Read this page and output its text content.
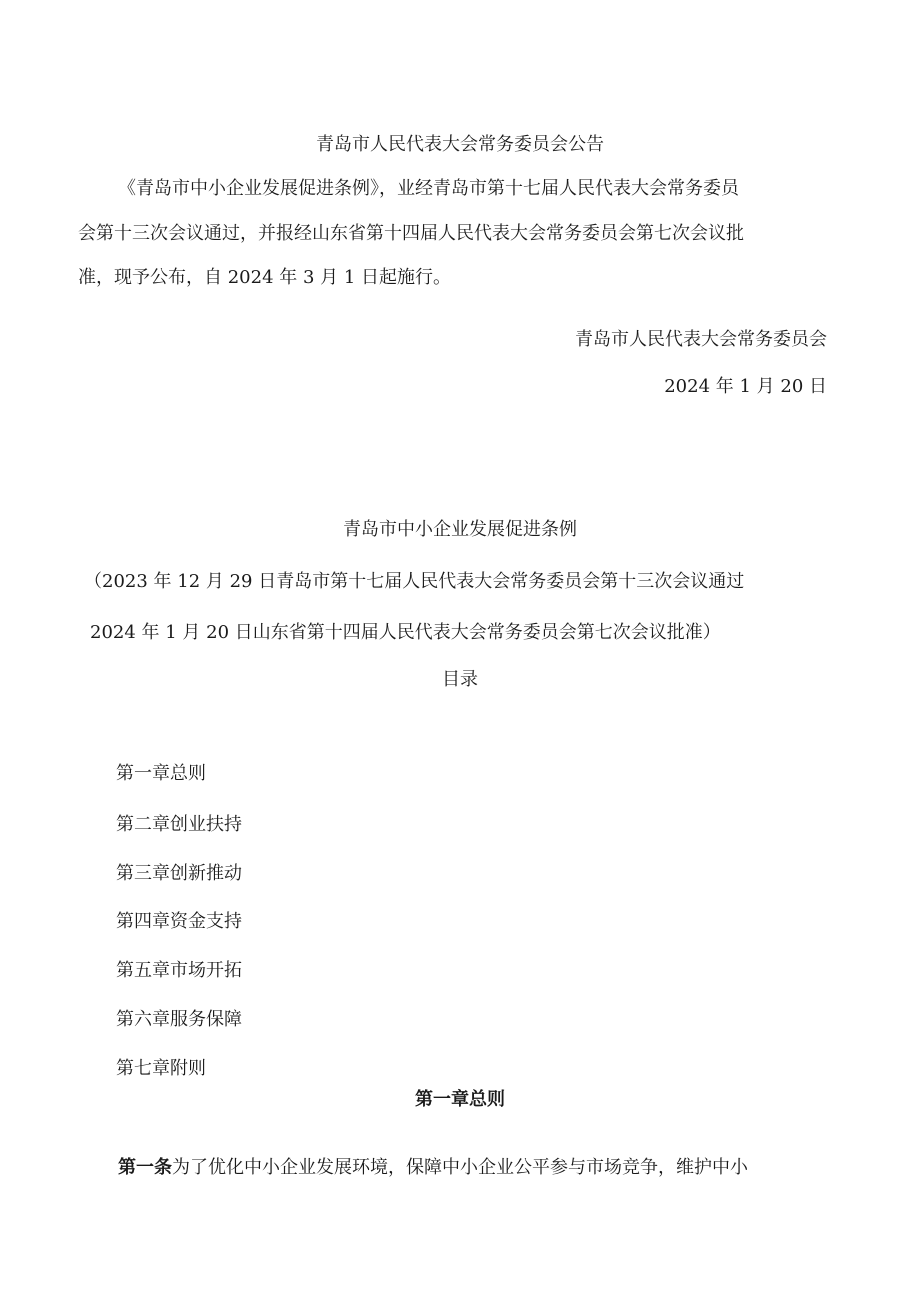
青岛市人民代表大会常务委员会公告
《青岛市中小企业发展促进条例》，业经青岛市第十七届人民代表大会常务委员
会第十三次会议通过，并报经山东省第十四届人民代表大会常务委员会第七次会议批
准，现予公布，自 2024 年 3 月 1 日起施行。
青岛市人民代表大会常务委员会
2024 年 1 月 20 日
青岛市中小企业发展促进条例
（2023 年 12 月 29 日青岛市第十七届人民代表大会常务委员会第十三次会议通过
2024 年 1 月 20 日山东省第十四届人民代表大会常务委员会第七次会议批准）
目录
第一章总则
第二章创业扶持
第三章创新推动
第四章资金支持
第五章市场开拓
第六章服务保障
第七章附则
第一章总则
第一条为了优化中小企业发展环境，保障中小企业公平参与市场竞争，维护中小
